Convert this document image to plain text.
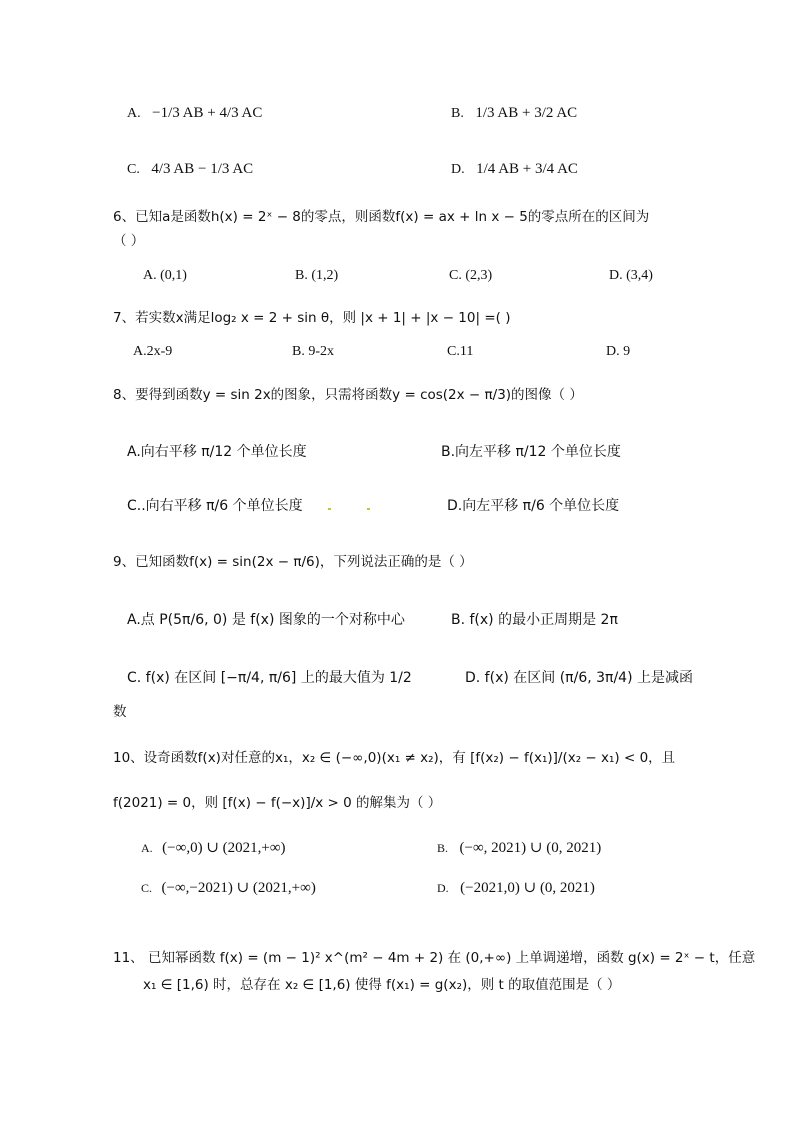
A. −1/3 AB + 4/3 AC	B. 1/3 AB + 3/2 AC
C. 4/3 AB − 1/3 AC	D. 1/4 AB + 3/4 AC
6、已知a是函数h(x) = 2ˣ − 8的零点，则函数f(x) = ax + ln x − 5的零点所在的区间为
（ ）
A. (0,1)	B. (1,2)	C. (2,3)	D. (3,4)
7、若实数x满足log₂ x = 2 + sin θ，则 |x + 1| + |x − 10| =( )
A.2x-9	B. 9-2x	C.11	D. 9
8、要得到函数y = sin 2x的图象，只需将函数y = cos(2x − π/3)的图像（ ）
A.向右平移 π/12 个单位长度	B.向左平移 π/12 个单位长度
C..向右平移 π/6 个单位长度	D.向左平移 π/6 个单位长度
9、已知函数f(x) = sin(2x − π/6)，下列说法正确的是（ ）
A.点 P(5π/6, 0) 是 f(x) 图象的一个对称中心	B. f(x) 的最小正周期是 2π
C. f(x) 在区间 [−π/4, π/6] 上的最大值为 1/2	D. f(x) 在区间 (π/6, 3π/4) 上是减函
数
10、设奇函数f(x)对任意的x₁，x₂ ∈ (−∞,0)(x₁ ≠ x₂)，有 [f(x₂) − f(x₁)]/(x₂ − x₁) < 0，且
f(2021) = 0，则 [f(x) − f(−x)]/x > 0 的解集为（ ）
A. (−∞,0) ∪ (2021,+∞)	B. (−∞, 2021) ∪ (0, 2021)
C. (−∞,−2021) ∪ (2021,+∞)	D. (−2021,0) ∪ (0, 2021)
11、 已知幂函数 f(x) = (m − 1)² x^(m² − 4m + 2) 在 (0,+∞) 上单调递增，函数 g(x) = 2ˣ − t，任意
x₁ ∈ [1,6) 时，总存在 x₂ ∈ [1,6) 使得 f(x₁) = g(x₂)，则 t 的取值范围是（ ）
